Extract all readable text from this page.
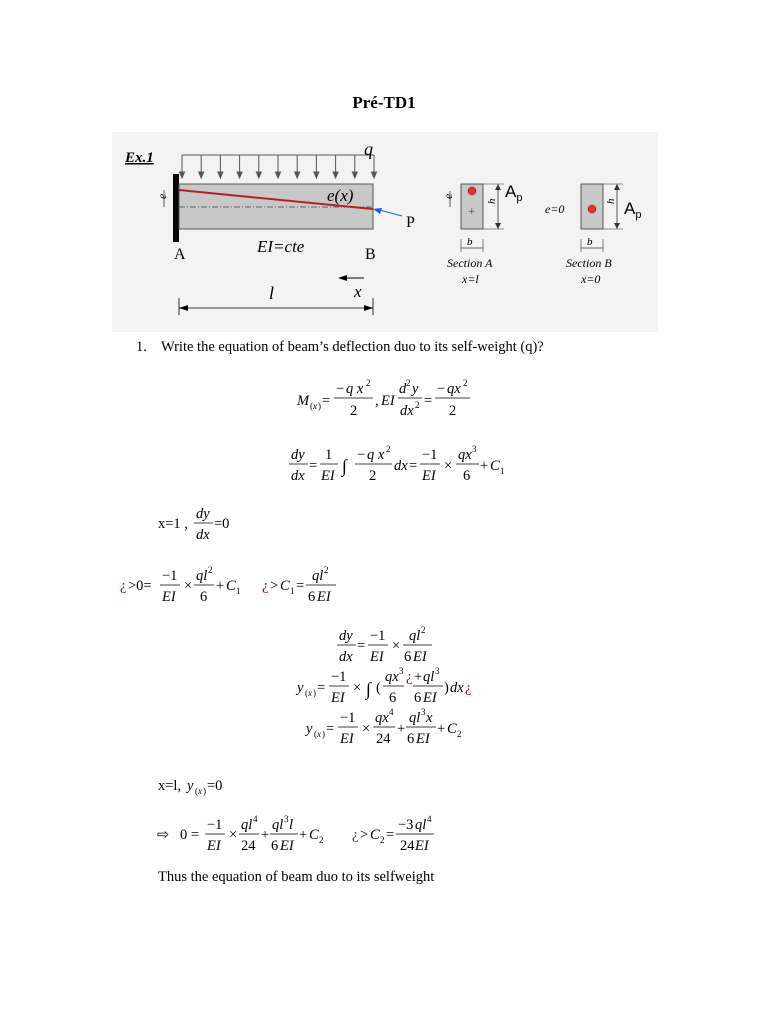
Pré-TD1
Ex.1	q
e	e(x)
P
A	B
EI=cte
x
l
+
e
h
$A_p$
b
Section A
x=l
e=0
h $A_p$
b
Section B
x=0
1. Write the equation of beam’s deflection duo to its self-weight (q)?
M ( x ) =
− q x 2
2
, EI
d 2 y
dx 2 =
− qx 2
2
dy
dx
=
1
EI ∫
− q x 2
2
dx =
−1
EI
×
qx 3
6
+ C 1
x=1 ,
dy
dx
=0
¿ >0=
−1
EI
×
ql 2
6
+ C 1 ¿ > C 1 =
ql 2
6 EI
dy
dx
=
−1
EI
×
ql 2
6 EI
y ( x ) =
−1
EI
× ∫ (
qx 3
6
¿ + ql 3
6 EI
) dx ¿
y ( x ) =
−1
EI
×
qx 4
24
+
ql 3 x
6 EI
+ C 2
x=l, y ( x ) =0
⇨ 0 =
−1
EI
×
ql 4
24
+
ql 3 l
6 EI
+ C 2 ¿ > C 2 =
−3 ql 4
24 EI
Thus the equation of beam duo to its selfweight
